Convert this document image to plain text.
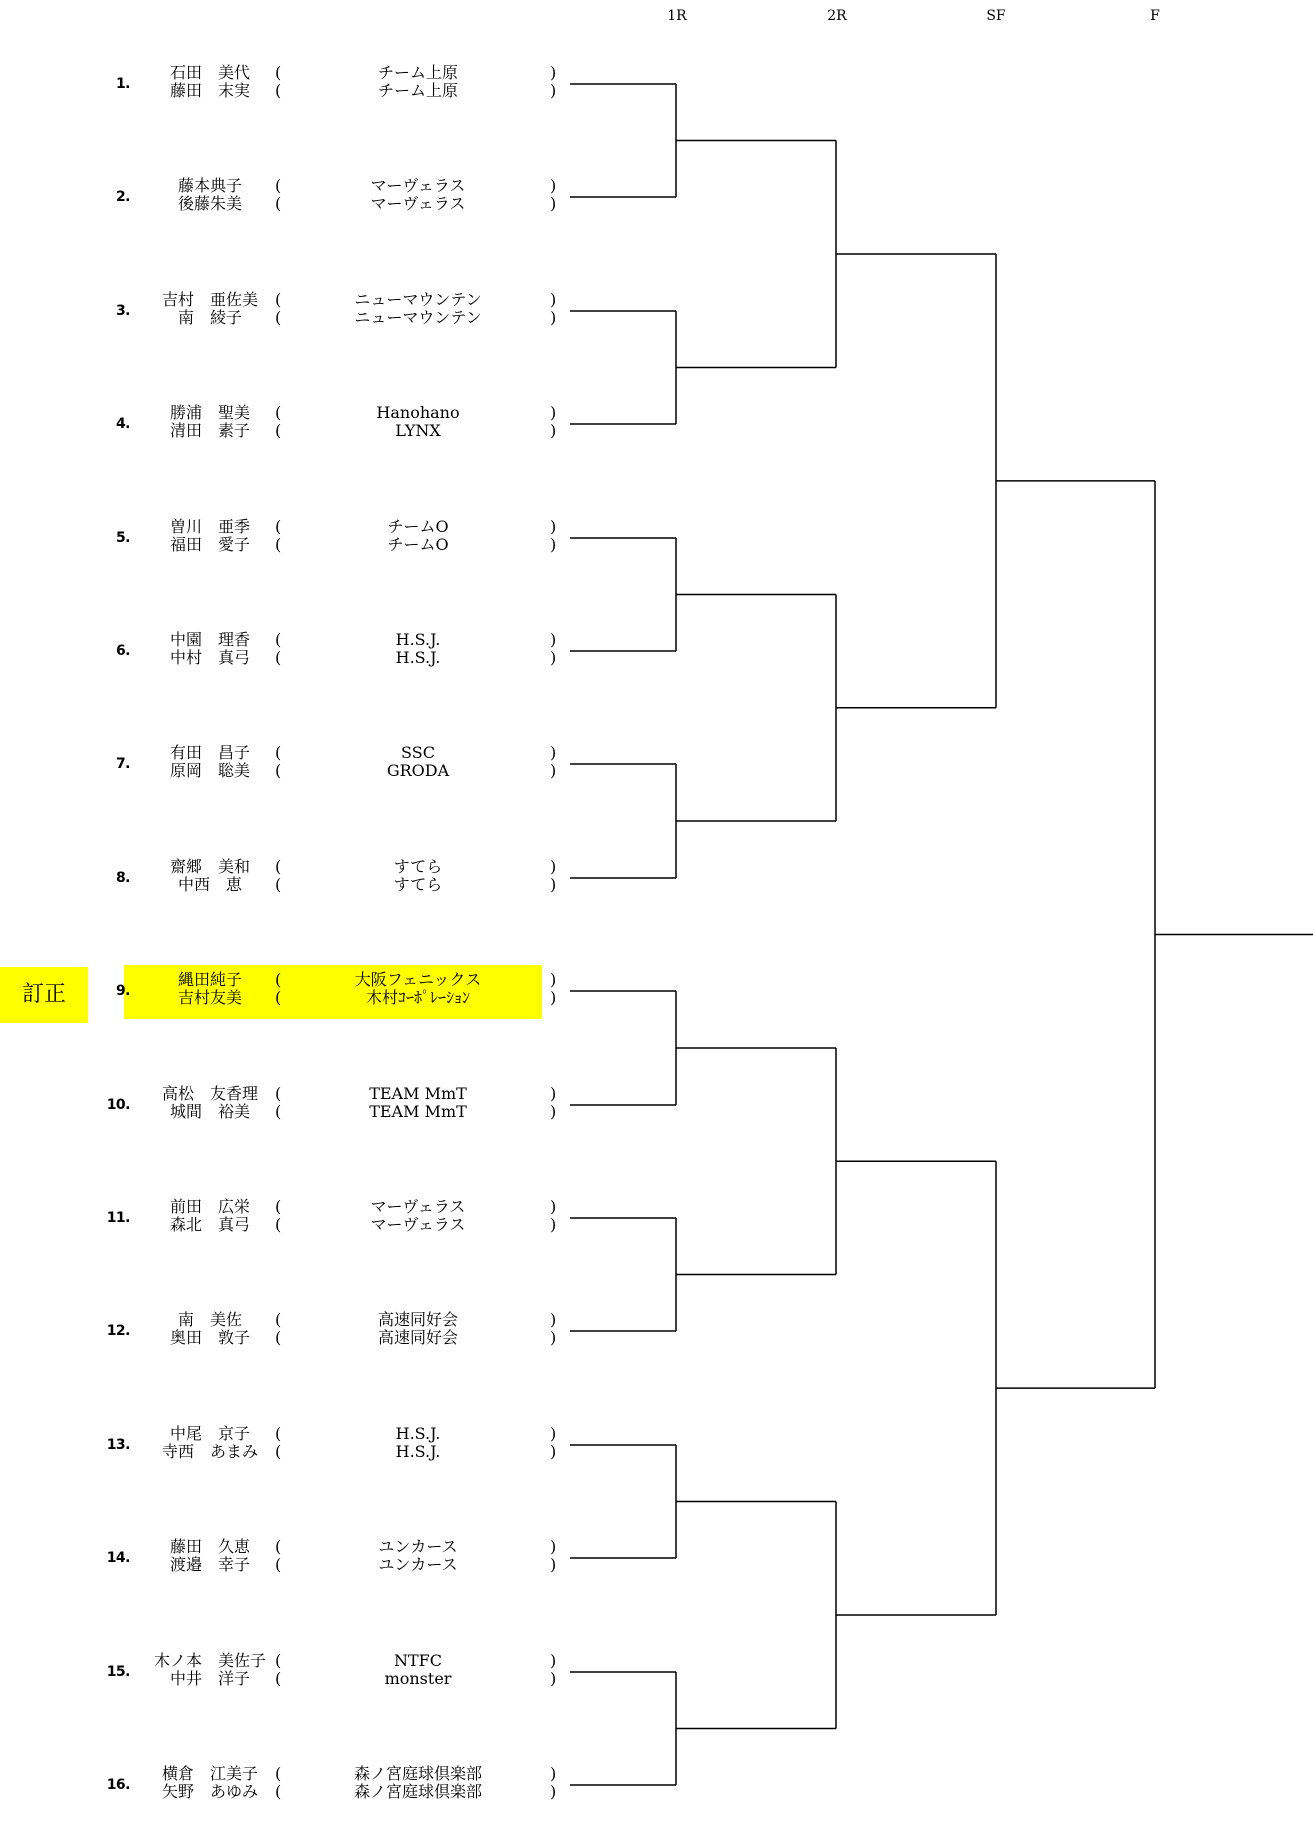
1R	2R	SF	F
訂正
1.
石田　美代	(	チーム上原	)
藤田　末実	(	チーム上原	)
2.
藤本典子	(	マーヴェラス	)
後藤朱美	(	マーヴェラス	)
3.
吉村　亜佐美	(	ニューマウンテン	)
南　綾子	(	ニューマウンテン	)
4.
勝浦　聖美	(	Hanohano	)
清田　素子	(	LYNX	)
5.
曽川　亜季	(	チームO	)
福田　愛子	(	チームO	)
6.
中園　理香	(	H.S.J.	)
中村　真弓	(	H.S.J.	)
7.
有田　昌子	(	SSC	)
原岡　聡美	(	GRODA	)
8.
齋郷　美和	(	すてら	)
中西　恵	(	すてら	)
9.
縄田純子	(	大阪フェニックス	)
吉村友美	(	木村ｺｰﾎﾟﾚｰｼｮﾝ	)
10.
高松　友香理	(	TEAM MmT	)
城間　裕美	(	TEAM MmT	)
11.
前田　広栄	(	マーヴェラス	)
森北　真弓	(	マーヴェラス	)
12.
南　美佐	(	高速同好会	)
奥田　敦子	(	高速同好会	)
13.
中尾　京子	(	H.S.J.	)
寺西　あまみ	(	H.S.J.	)
14.
藤田　久恵	(	ユンカース	)
渡邉　幸子	(	ユンカース	)
15.
木ノ本　美佐子 (	NTFC	)
中井　洋子	(	monster	)
16.
横倉　江美子	(	森ノ宮庭球倶楽部	)
矢野　あゆみ	(	森ノ宮庭球倶楽部	)
